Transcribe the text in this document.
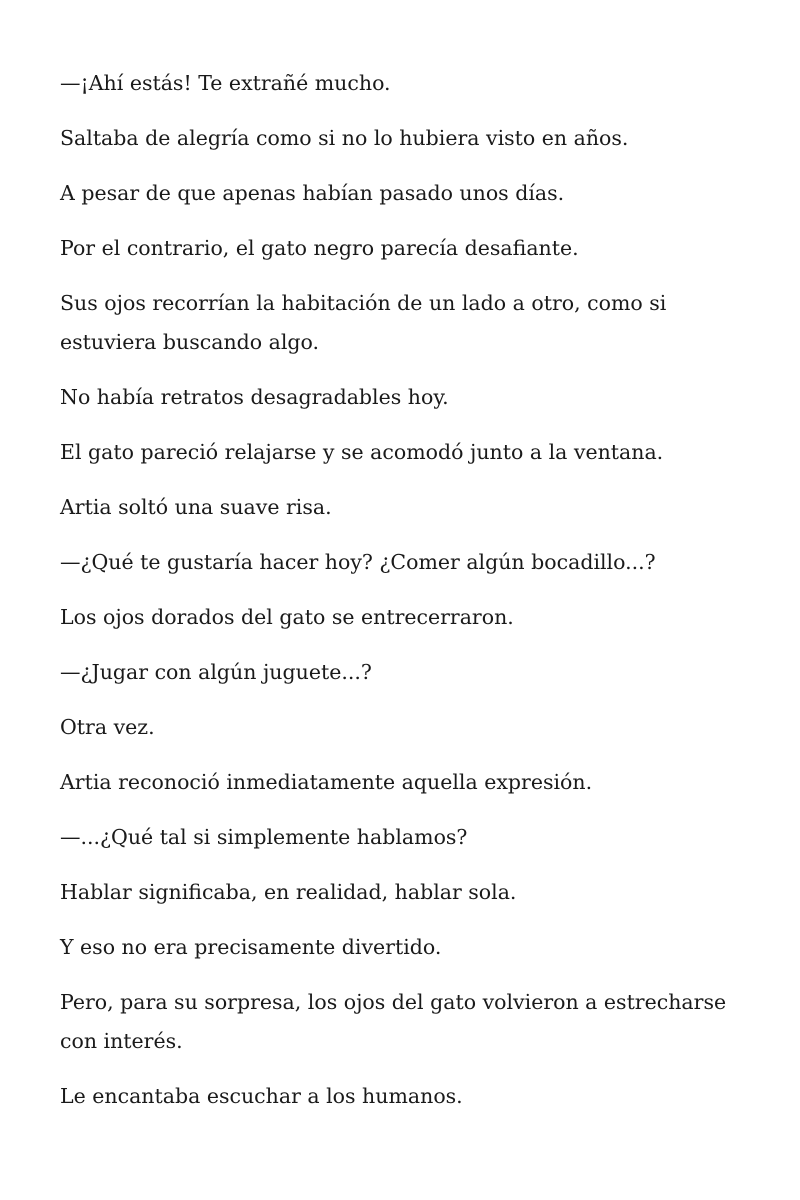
—¡Ahí estás! Te extrañé mucho.

Saltaba de alegría como si no lo hubiera visto en años.

A pesar de que apenas habían pasado unos días.

Por el contrario, el gato negro parecía desafiante.

Sus ojos recorrían la habitación de un lado a otro, como si estuviera buscando algo.

No había retratos desagradables hoy.

El gato pareció relajarse y se acomodó junto a la ventana.

Artia soltó una suave risa.

—¿Qué te gustaría hacer hoy? ¿Comer algún bocadillo...?

Los ojos dorados del gato se entrecerraron.

—¿Jugar con algún juguete...?

Otra vez.

Artia reconoció inmediatamente aquella expresión.

—...¿Qué tal si simplemente hablamos?

Hablar significaba, en realidad, hablar sola.

Y eso no era precisamente divertido.

Pero, para su sorpresa, los ojos del gato volvieron a estrecharse con interés.

Le encantaba escuchar a los humanos.
